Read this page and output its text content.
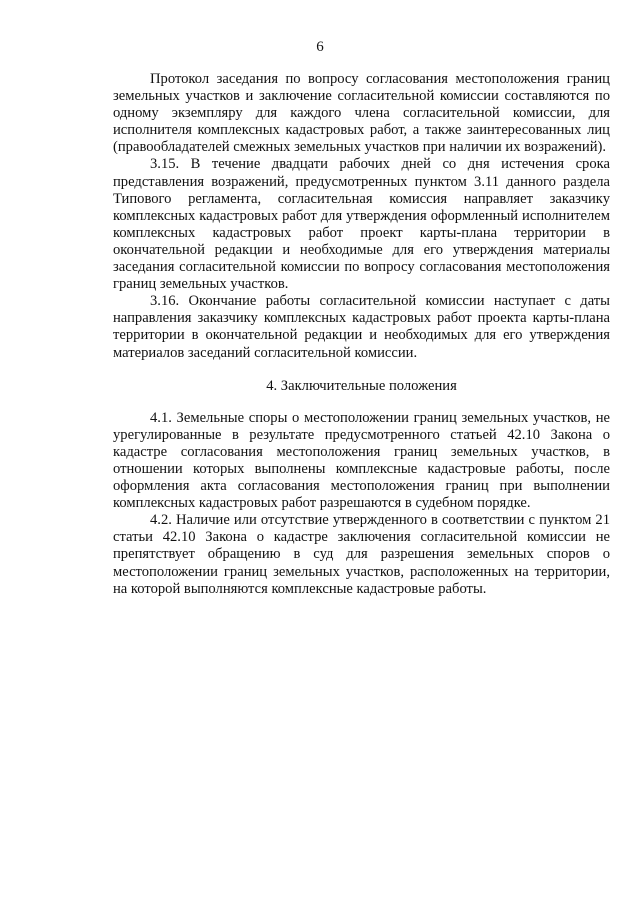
6

Протокол заседания по вопросу согласования местоположения границ земельных участков и заключение согласительной комиссии составляются по одному экземпляру для каждого члена согласительной комиссии, для исполнителя комплексных кадастровых работ, а также заинтересованных лиц (правообладателей смежных земельных участков при наличии их возражений).

3.15. В течение двадцати рабочих дней со дня истечения срока представления возражений, предусмотренных пунктом 3.11 данного раздела Типового регламента, согласительная комиссия направляет заказчику комплексных кадастровых работ для утверждения оформленный исполнителем комплексных кадастровых работ проект карты-плана территории в окончательной редакции и необходимые для его утверждения материалы заседания согласительной комиссии по вопросу согласования местоположения границ земельных участков.

3.16. Окончание работы согласительной комиссии наступает с даты направления заказчику комплексных кадастровых работ проекта карты-плана территории в окончательной редакции и необходимых для его утверждения материалов заседаний согласительной комиссии.

4. Заключительные положения

4.1. Земельные споры о местоположении границ земельных участков, не урегулированные в результате предусмотренного статьей 42.10 Закона о кадастре согласования местоположения границ земельных участков, в отношении которых выполнены комплексные кадастровые работы, после оформления акта согласования местоположения границ при выполнении комплексных кадастровых работ разрешаются в судебном порядке.

4.2. Наличие или отсутствие утвержденного в соответствии с пунктом 21 статьи 42.10 Закона о кадастре заключения согласительной комиссии не препятствует обращению в суд для разрешения земельных споров о местоположении границ земельных участков, расположенных на территории, на которой выполняются комплексные кадастровые работы.
